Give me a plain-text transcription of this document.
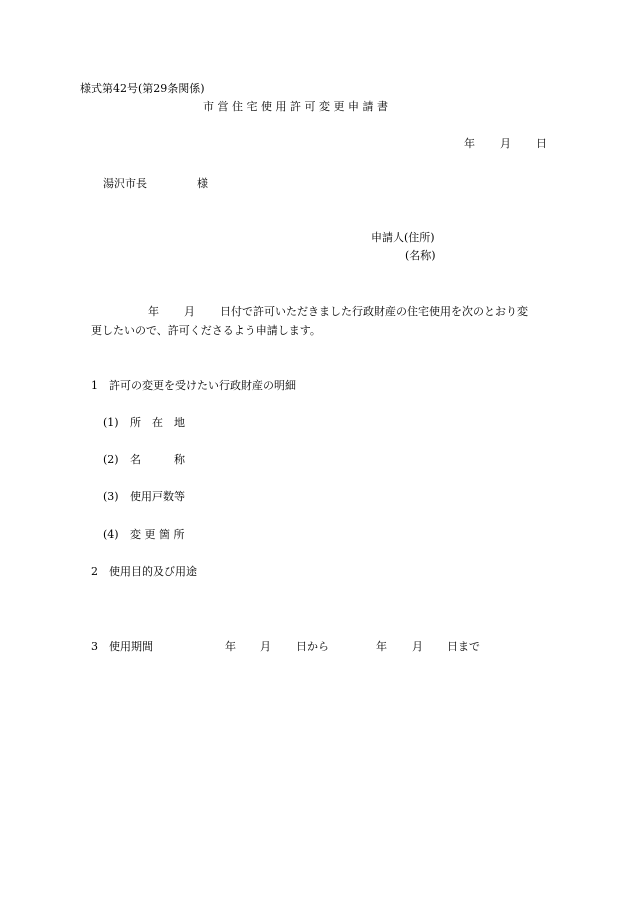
様式第42号(第29条関係)
市 営 住 宅 使 用 許 可 変 更 申 請 書
年 月 日
湯沢市長	様
申請人(住所)
(名称)
年 月 日付で許可いただきました行政財産の住宅使用を次のとおり変
更したいので、許可くださるよう申請します。
1 許可の変更を受けたい行政財産の明細
(1) 所　在　地
(2) 名　　　称
(3) 使用戸数等
(4) 変 更 箇 所
2 使用目的及び用途
3 使用期間	年 月 日から	年 月 日まで
